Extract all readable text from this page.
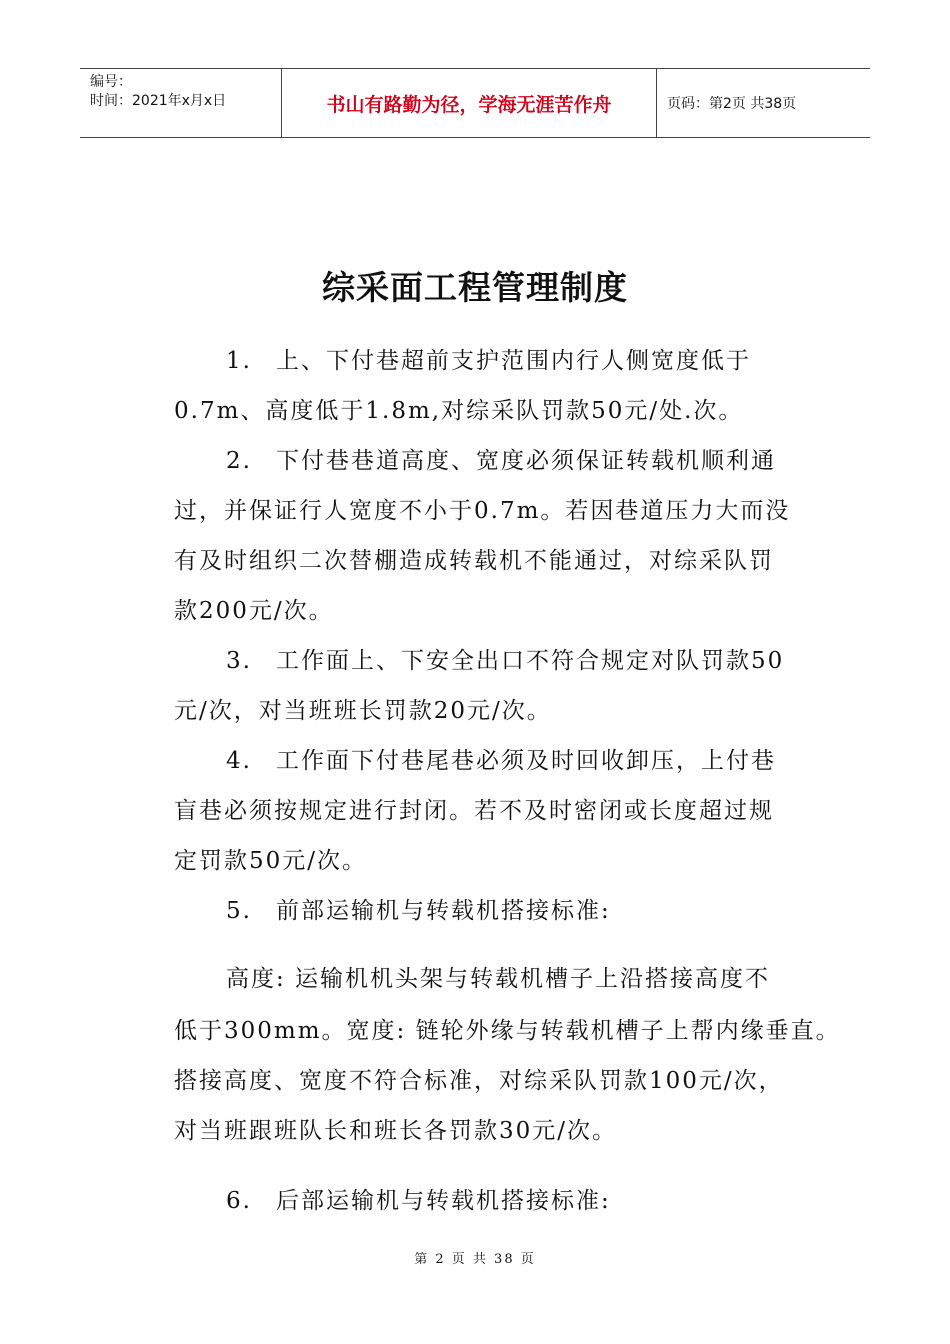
编号：
时间：2021年x月x日	书山有路勤为径，学海无涯苦作舟	页码：第2页 共38页
综采面工程管理制度
1. 上、下付巷超前支护范围内行人侧宽度低于
0.7m、高度低于1.8m,对综采队罚款50元/处.次。
2. 下付巷巷道高度、宽度必须保证转载机顺利通
过，并保证行人宽度不小于0.7m。若因巷道压力大而没
有及时组织二次替棚造成转载机不能通过，对综采队罚
款200元/次。
3. 工作面上、下安全出口不符合规定对队罚款50
元/次，对当班班长罚款20元/次。
4. 工作面下付巷尾巷必须及时回收卸压，上付巷
盲巷必须按规定进行封闭。若不及时密闭或长度超过规
定罚款50元/次。
5. 前部运输机与转载机搭接标准:
高度: 运输机机头架与转载机槽子上沿搭接高度不
低于300mm。宽度: 链轮外缘与转载机槽子上帮内缘垂直。
搭接高度、宽度不符合标准，对综采队罚款100元/次，
对当班跟班队长和班长各罚款30元/次。
6. 后部运输机与转载机搭接标准:
第 2 页 共 38 页
